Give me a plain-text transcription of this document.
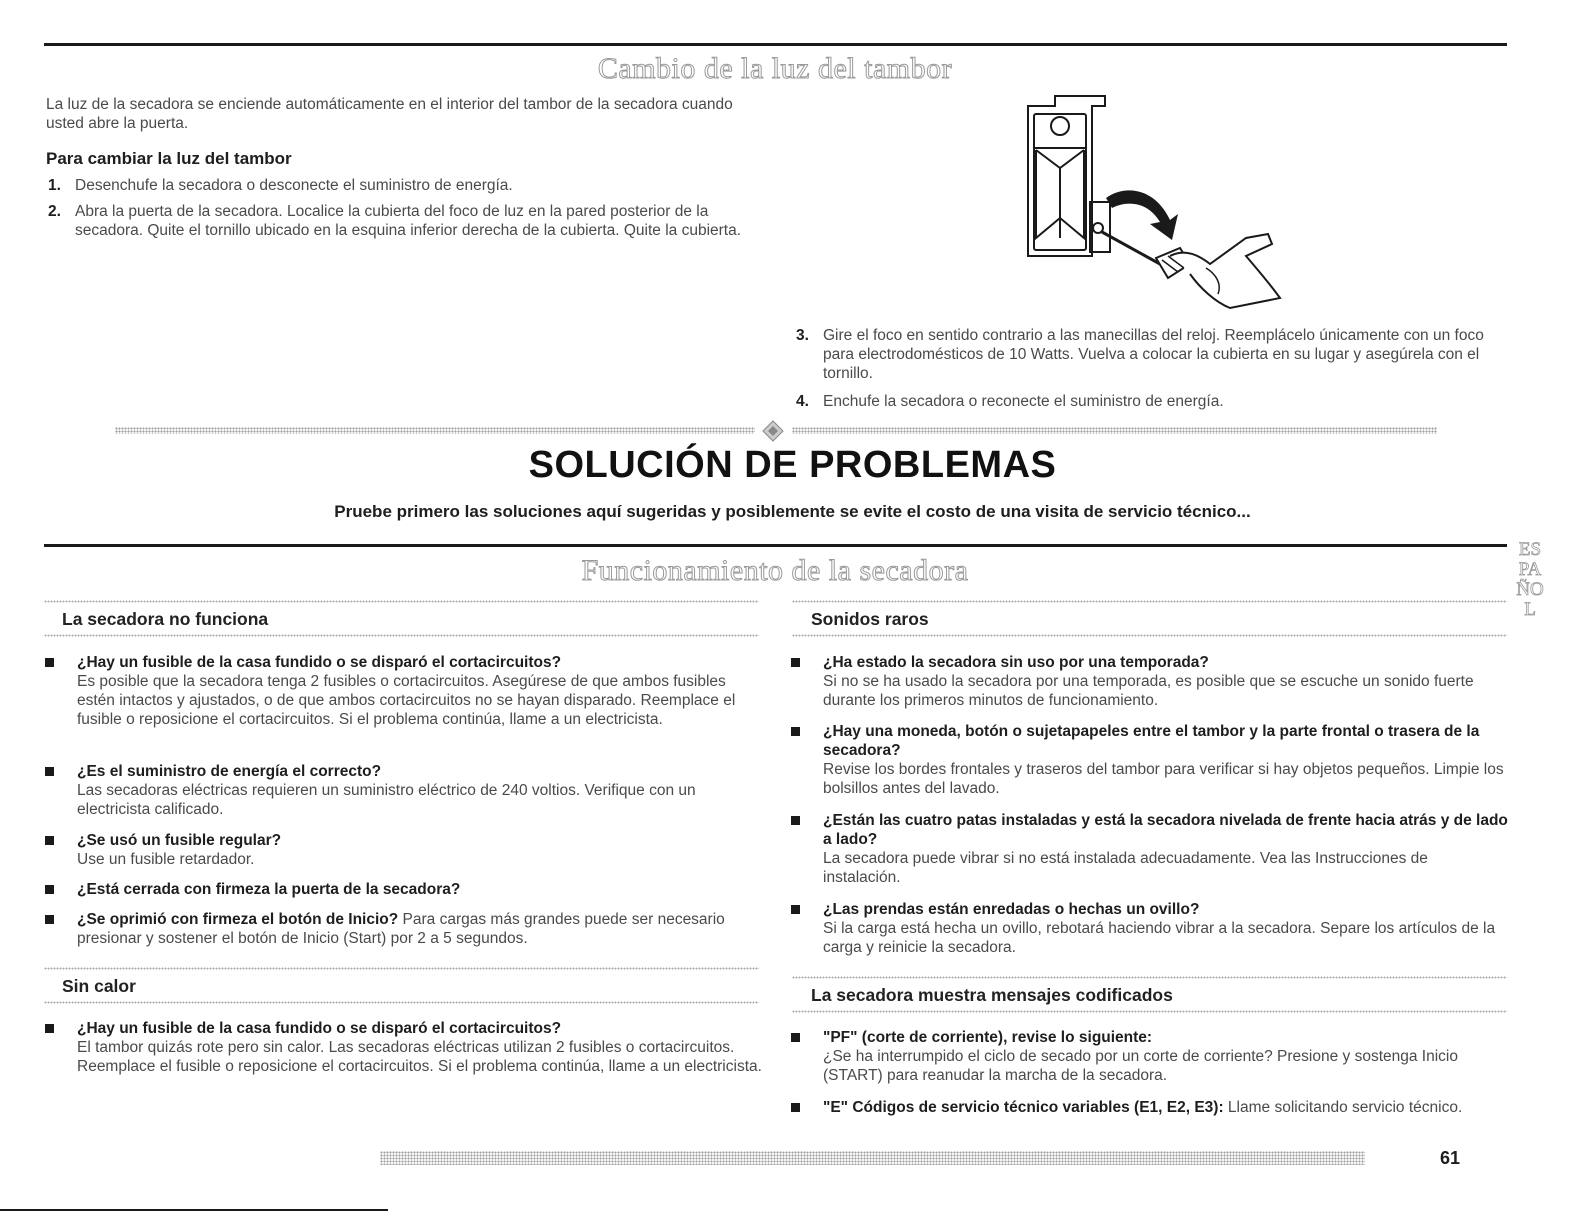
Cambio de la luz del tambor
La luz de la secadora se enciende automáticamente en el interior del tambor de la secadora cuando usted abre la puerta.
Para cambiar la luz del tambor
1. Desenchufe la secadora o desconecte el suministro de energía.
2. Abra la puerta de la secadora. Localice la cubierta del foco de luz en la pared posterior de la secadora. Quite el tornillo ubicado en la esquina inferior derecha de la cubierta. Quite la cubierta.
3. Gire el foco en sentido contrario a las manecillas del reloj. Reemplácelo únicamente con un foco para electrodomésticos de 10 Watts. Vuelva a colocar la cubierta en su lugar y asegúrela con el tornillo.
4. Enchufe la secadora o reconecte el suministro de energía.
SOLUCIÓN DE PROBLEMAS
Pruebe primero las soluciones aquí sugeridas y posiblemente se evite el costo de una visita de servicio técnico...
Funcionamiento de la secadora
ESPAÑOL
La secadora no funciona
¿Hay un fusible de la casa fundido o se disparó el cortacircuitos?
Es posible que la secadora tenga 2 fusibles o cortacircuitos. Asegúrese de que ambos fusibles estén intactos y ajustados, o de que ambos cortacircuitos no se hayan disparado. Reemplace el fusible o reposicione el cortacircuitos. Si el problema continúa, llame a un electricista.
¿Es el suministro de energía el correcto?
Las secadoras eléctricas requieren un suministro eléctrico de 240 voltios. Verifique con un electricista calificado.
¿Se usó un fusible regular?
Use un fusible retardador.
¿Está cerrada con firmeza la puerta de la secadora?
¿Se oprimió con firmeza el botón de Inicio? Para cargas más grandes puede ser necesario presionar y sostener el botón de Inicio (Start) por 2 a 5 segundos.
Sin calor
¿Hay un fusible de la casa fundido o se disparó el cortacircuitos?
El tambor quizás rote pero sin calor. Las secadoras eléctricas utilizan 2 fusibles o cortacircuitos. Reemplace el fusible o reposicione el cortacircuitos. Si el problema continúa, llame a un electricista.
Sonidos raros
¿Ha estado la secadora sin uso por una temporada?
Si no se ha usado la secadora por una temporada, es posible que se escuche un sonido fuerte durante los primeros minutos de funcionamiento.
¿Hay una moneda, botón o sujetapapeles entre el tambor y la parte frontal o trasera de la secadora?
Revise los bordes frontales y traseros del tambor para verificar si hay objetos pequeños. Limpie los bolsillos antes del lavado.
¿Están las cuatro patas instaladas y está la secadora nivelada de frente hacia atrás y de lado a lado?
La secadora puede vibrar si no está instalada adecuadamente. Vea las Instrucciones de instalación.
¿Las prendas están enredadas o hechas un ovillo?
Si la carga está hecha un ovillo, rebotará haciendo vibrar a la secadora. Separe los artículos de la carga y reinicie la secadora.
La secadora muestra mensajes codificados
"PF" (corte de corriente), revise lo siguiente:
¿Se ha interrumpido el ciclo de secado por un corte de corriente? Presione y sostenga Inicio (START) para reanudar la marcha de la secadora.
"E" Códigos de servicio técnico variables (E1, E2, E3): Llame solicitando servicio técnico.
61
